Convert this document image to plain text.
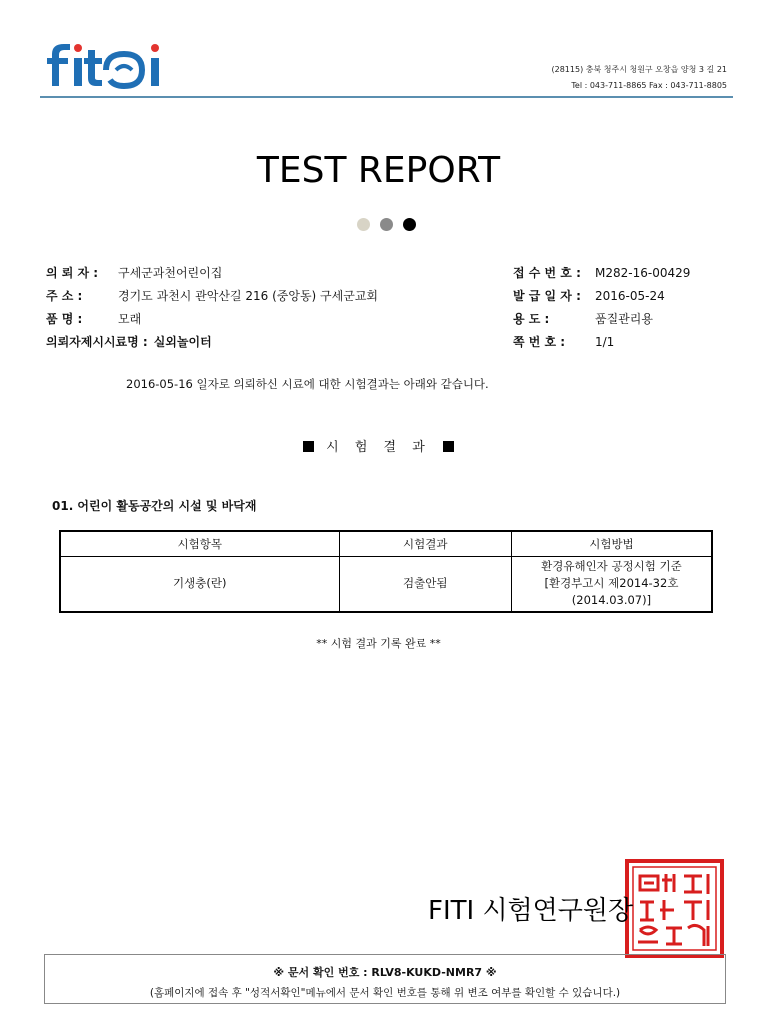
(28115) 충북 청주시 청원구 오창읍 양청 3 길 21
Tel : 043-711-8865 Fax : 043-711-8805
TEST REPORT
의 뢰 자 :	구세군과천어린이집
주 소 :	경기도 과천시 관악산길 216 (중앙동) 구세군교회
품 명 :	모래
의뢰자제시시료명 : 실외놀이터
접 수 번 호 :	M282-16-00429
발 급 일 자 :	2016-05-24
용 도 :	품질관리용
쪽 번 호 :	1/1
2016-05-16 일자로 의뢰하신 시료에 대한 시험결과는 아래와 같습니다.
시 험 결 과
01. 어린이 활동공간의 시설 및 바닥재
시험항목	시험결과	시험방법
기생충(란)	검출안됨	환경유해인자 공정시험 기준
[환경부고시 제2014-32호
(2014.03.07)]
** 시험 결과 기록 완료 **
FITI 시험연구원장
※ 문서 확인 번호 : RLV8-KUKD-NMR7 ※
(홈페이지에 접속 후 "성적서확인"메뉴에서 문서 확인 번호를 통해 위 변조 여부를 확인할 수 있습니다.)
